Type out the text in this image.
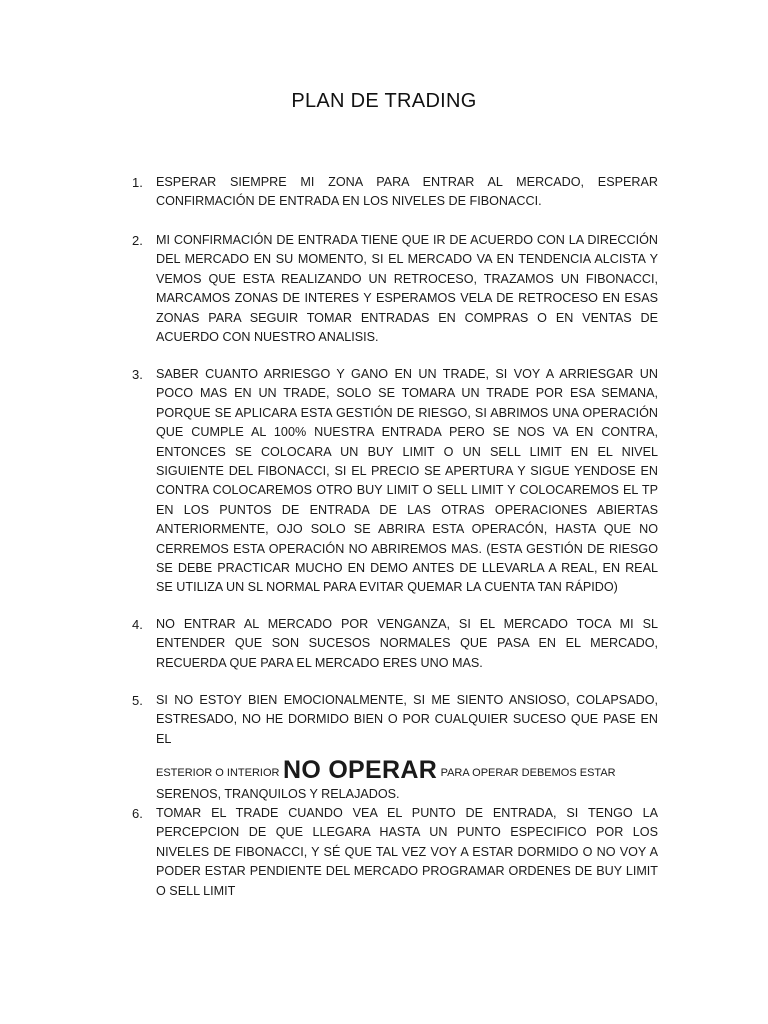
PLAN DE TRADING
1.	ESPERAR SIEMPRE MI ZONA PARA ENTRAR AL MERCADO, ESPERAR CONFIRMACIÓN DE ENTRADA EN LOS NIVELES DE FIBONACCI.
2.	MI CONFIRMACIÓN DE ENTRADA TIENE QUE IR DE ACUERDO CON LA DIRECCIÓN DEL MERCADO EN SU MOMENTO, SI EL MERCADO VA EN TENDENCIA ALCISTA Y VEMOS QUE ESTA REALIZANDO UN RETROCESO, TRAZAMOS UN FIBONACCI, MARCAMOS ZONAS DE INTERES Y ESPERAMOS VELA DE RETROCESO EN ESAS ZONAS PARA SEGUIR TOMAR ENTRADAS EN COMPRAS O EN VENTAS DE ACUERDO CON NUESTRO ANALISIS.
3.	SABER CUANTO ARRIESGO Y GANO EN UN TRADE, SI VOY A ARRIESGAR UN POCO MAS EN UN TRADE, SOLO SE TOMARA UN TRADE POR ESA SEMANA, PORQUE SE APLICARA ESTA GESTIÓN DE RIESGO, SI ABRIMOS UNA OPERACIÓN QUE CUMPLE AL 100% NUESTRA ENTRADA PERO SE NOS VA EN CONTRA, ENTONCES SE COLOCARA UN BUY LIMIT O UN SELL LIMIT EN EL NIVEL SIGUIENTE DEL FIBONACCI, SI EL PRECIO SE APERTURA Y SIGUE YENDOSE EN CONTRA COLOCAREMOS OTRO BUY LIMIT O SELL LIMIT Y COLOCAREMOS EL TP EN LOS PUNTOS DE ENTRADA DE LAS OTRAS OPERACIONES ABIERTAS ANTERIORMENTE, OJO SOLO SE ABRIRA ESTA OPERACÓN, HASTA QUE NO CERREMOS ESTA OPERACIÓN NO ABRIREMOS MAS. (ESTA GESTIÓN DE RIESGO SE DEBE PRACTICAR MUCHO EN DEMO ANTES DE LLEVARLA A REAL, EN REAL SE UTILIZA UN SL NORMAL PARA EVITAR QUEMAR LA CUENTA TAN RÁPIDO)
4.	NO ENTRAR AL MERCADO POR VENGANZA, SI EL MERCADO TOCA MI SL ENTENDER QUE SON SUCESOS NORMALES QUE PASA EN EL MERCADO, RECUERDA QUE PARA EL MERCADO ERES UNO MAS.
5.	SI NO ESTOY BIEN EMOCIONALMENTE, SI ME SIENTO ANSIOSO, COLAPSADO, ESTRESADO, NO HE DORMIDO BIEN O POR CUALQUIER SUCESO QUE PASE EN EL
ESTERIOR O INTERIOR NO OPERAR PARA OPERAR DEBEMOS ESTAR
SERENOS, TRANQUILOS Y RELAJADOS.
6.	TOMAR EL TRADE CUANDO VEA EL PUNTO DE ENTRADA, SI TENGO LA PERCEPCION DE QUE LLEGARA HASTA UN PUNTO ESPECIFICO POR LOS NIVELES DE FIBONACCI, Y SÉ QUE TAL VEZ VOY A ESTAR DORMIDO O NO VOY A PODER ESTAR PENDIENTE DEL MERCADO PROGRAMAR ORDENES DE BUY LIMIT O SELL LIMIT
